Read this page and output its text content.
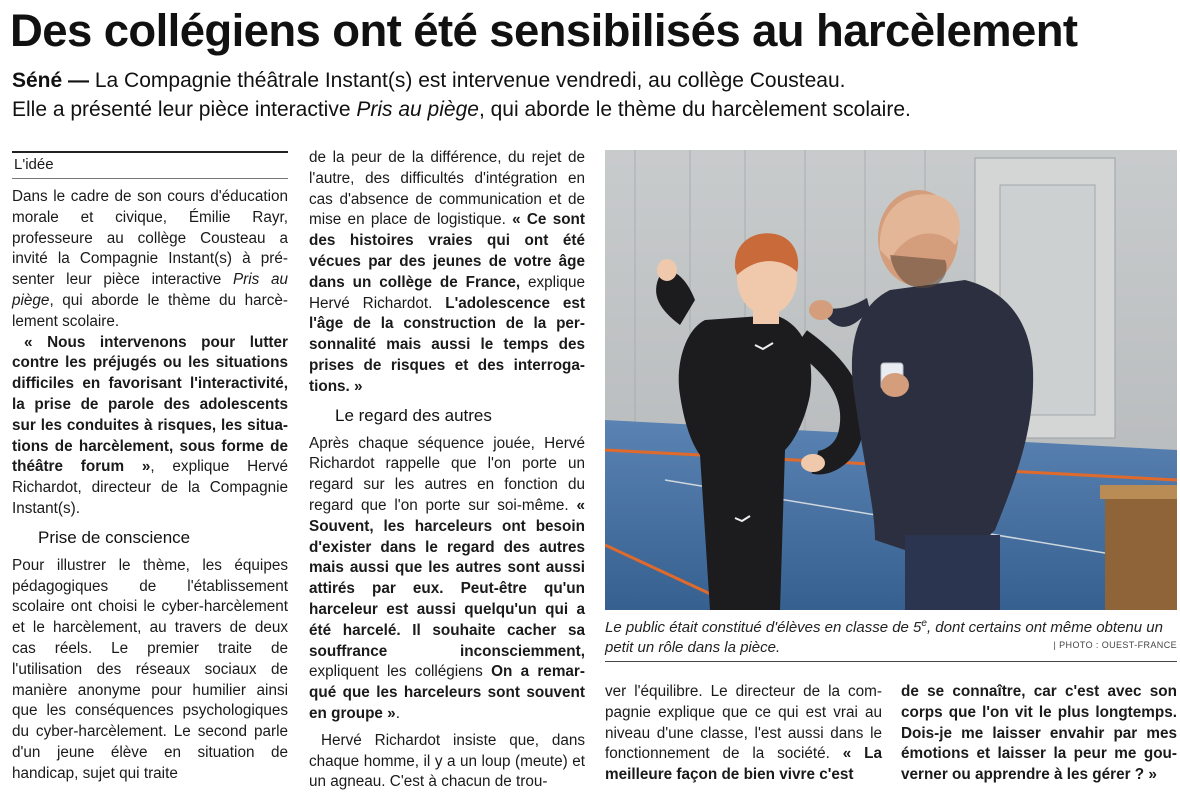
Des collégiens ont été sensibilisés au harcèlement
Séné — La Compagnie théâtrale Instant(s) est intervenue vendredi, au collège Cousteau.
Elle a présenté leur pièce interactive Pris au piège, qui aborde le thème du harcèlement scolaire.
L'idée

Dans le cadre de son cours d'éducation morale et civique, Émilie Rayr, professeure au collège Cousteau a invité la Compagnie Instant(s) à présenter leur pièce interactive Pris au piège, qui aborde le thème du harcèlement scolaire.

« Nous intervenons pour lutter contre les préjugés ou les situations difficiles en favorisant l'interactivité, la prise de parole des adolescents sur les conduites à risques, les situations de harcèlement, sous forme de théâtre forum », explique Hervé Richardot, directeur de la Compagnie Instant(s).

Prise de conscience

Pour illustrer le thème, les équipes pédagogiques de l'établissement scolaire ont choisi le cyber-harcèlement et le harcèlement, au travers de deux cas réels. Le premier traite de l'utilisation des réseaux sociaux de manière anonyme pour humilier ainsi que les conséquences psychologiques du cyber-harcèlement. Le second parle d'un jeune élève en situation de handicap, sujet qui traite

de la peur de la différence, du rejet de l'autre, des difficultés d'intégration en cas d'absence de communication et de mise en place de logistique. « Ce sont des histoires vraies qui ont été vécues par des jeunes de votre âge dans un collège de France, explique Hervé Richardot. L'adolescence est l'âge de la construction de la personnalité mais aussi le temps des prises de risques et des interrogations. »

Le regard des autres

Après chaque séquence jouée, Hervé Richardot rappelle que l'on porte un regard sur les autres en fonction du regard que l'on porte sur soi-même. « Souvent, les harceleurs ont besoin d'exister dans le regard des autres mais aussi que les autres sont aussi attirés par eux. Peut-être qu'un harceleur est aussi quelqu'un qui a été harcelé. Il souhaite cacher sa souffrance inconsciemment, expliquent les collégiens On a remarqué que les harceleurs sont souvent en groupe ».

Hervé Richardot insiste que, dans chaque homme, il y a un loup (meute) et un agneau. C'est à chacun de trou-

Le public était constitué d'élèves en classe de 5e, dont certains ont même obtenu un petit un rôle dans la pièce.	| PHOTO : OUEST-FRANCE

ver l'équilibre. Le directeur de la compagnie explique que ce qui est vrai au niveau d'une classe, l'est aussi dans le fonctionnement de la société. « La meilleure façon de bien vivre c'est

de se connaître, car c'est avec son corps que l'on vit le plus longtemps. Dois-je me laisser envahir par mes émotions et laisser la peur me gouverner ou apprendre à les gérer ? »
